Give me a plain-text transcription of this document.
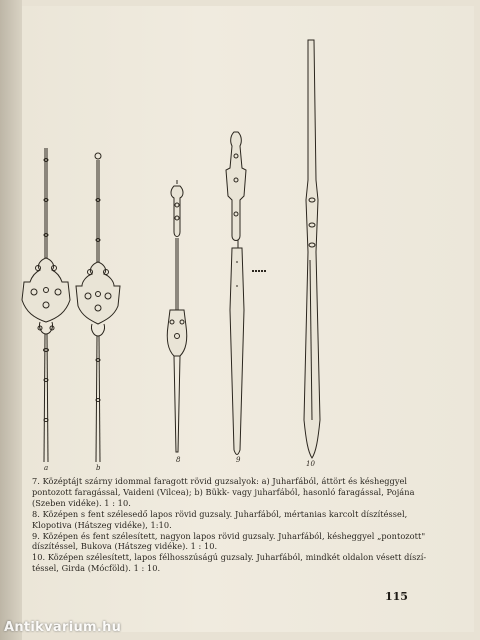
a	b
8	9	10

7. Középtájt szárny idommal faragott rövid guzsalyok: a) Juharfából, áttört és késheggyel

pontozott faragással, Vaideni (Vilcea); b) Bükk- vagy juharfából, hasonló faragással, Pojána

(Szeben vidéke). 1 : 10.

8. Középen s fent szélesedő lapos rövid guzsaly. Juharfából, mértanias karcolt díszítéssel,

Klopotiva (Hátszeg vidéke), 1:10.

9. Középen és fent szélesített, nagyon lapos rövid guzsaly. Juharfából, késheggyel „pontozott"

díszítéssel, Bukova (Hátszeg vidéke). 1 : 10.

10. Középen szélesített, lapos félhosszúságú guzsaly. Juharfából, mindkét oldalon vésett díszí-

téssel, Girda (Mócföld). 1 : 10.

115
Antikvarium.hu
